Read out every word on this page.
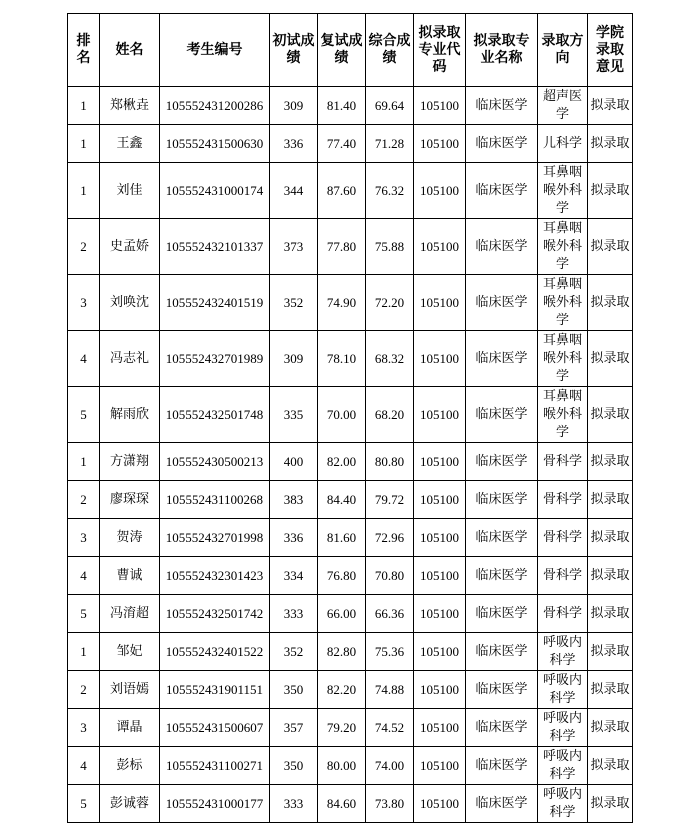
排名	姓名	考生编号	初试成绩	复试成绩	综合成绩	拟录取专业代码	拟录取专业名称	录取方向	学院录取意见
1	郑楸垚	105552431200286	309	81.40	69.64	105100	临床医学	超声医学	拟录取
1	王鑫	105552431500630	336	77.40	71.28	105100	临床医学	儿科学	拟录取
1	刘佳	105552431000174	344	87.60	76.32	105100	临床医学	耳鼻咽喉外科学	拟录取
2	史孟娇	105552432101337	373	77.80	75.88	105100	临床医学	耳鼻咽喉外科学	拟录取
3	刘唤沈	105552432401519	352	74.90	72.20	105100	临床医学	耳鼻咽喉外科学	拟录取
4	冯志礼	105552432701989	309	78.10	68.32	105100	临床医学	耳鼻咽喉外科学	拟录取
5	解雨欣	105552432501748	335	70.00	68.20	105100	临床医学	耳鼻咽喉外科学	拟录取
1	方潇翔	105552430500213	400	82.00	80.80	105100	临床医学	骨科学	拟录取
2	廖琛琛	105552431100268	383	84.40	79.72	105100	临床医学	骨科学	拟录取
3	贺涛	105552432701998	336	81.60	72.96	105100	临床医学	骨科学	拟录取
4	曹诚	105552432301423	334	76.80	70.80	105100	临床医学	骨科学	拟录取
5	冯淯超	105552432501742	333	66.00	66.36	105100	临床医学	骨科学	拟录取
1	邹妃	105552432401522	352	82.80	75.36	105100	临床医学	呼吸内科学	拟录取
2	刘语嫣	105552431901151	350	82.20	74.88	105100	临床医学	呼吸内科学	拟录取
3	谭晶	105552431500607	357	79.20	74.52	105100	临床医学	呼吸内科学	拟录取
4	彭标	105552431100271	350	80.00	74.00	105100	临床医学	呼吸内科学	拟录取
5	彭诚蓉	105552431000177	333	84.60	73.80	105100	临床医学	呼吸内科学	拟录取
